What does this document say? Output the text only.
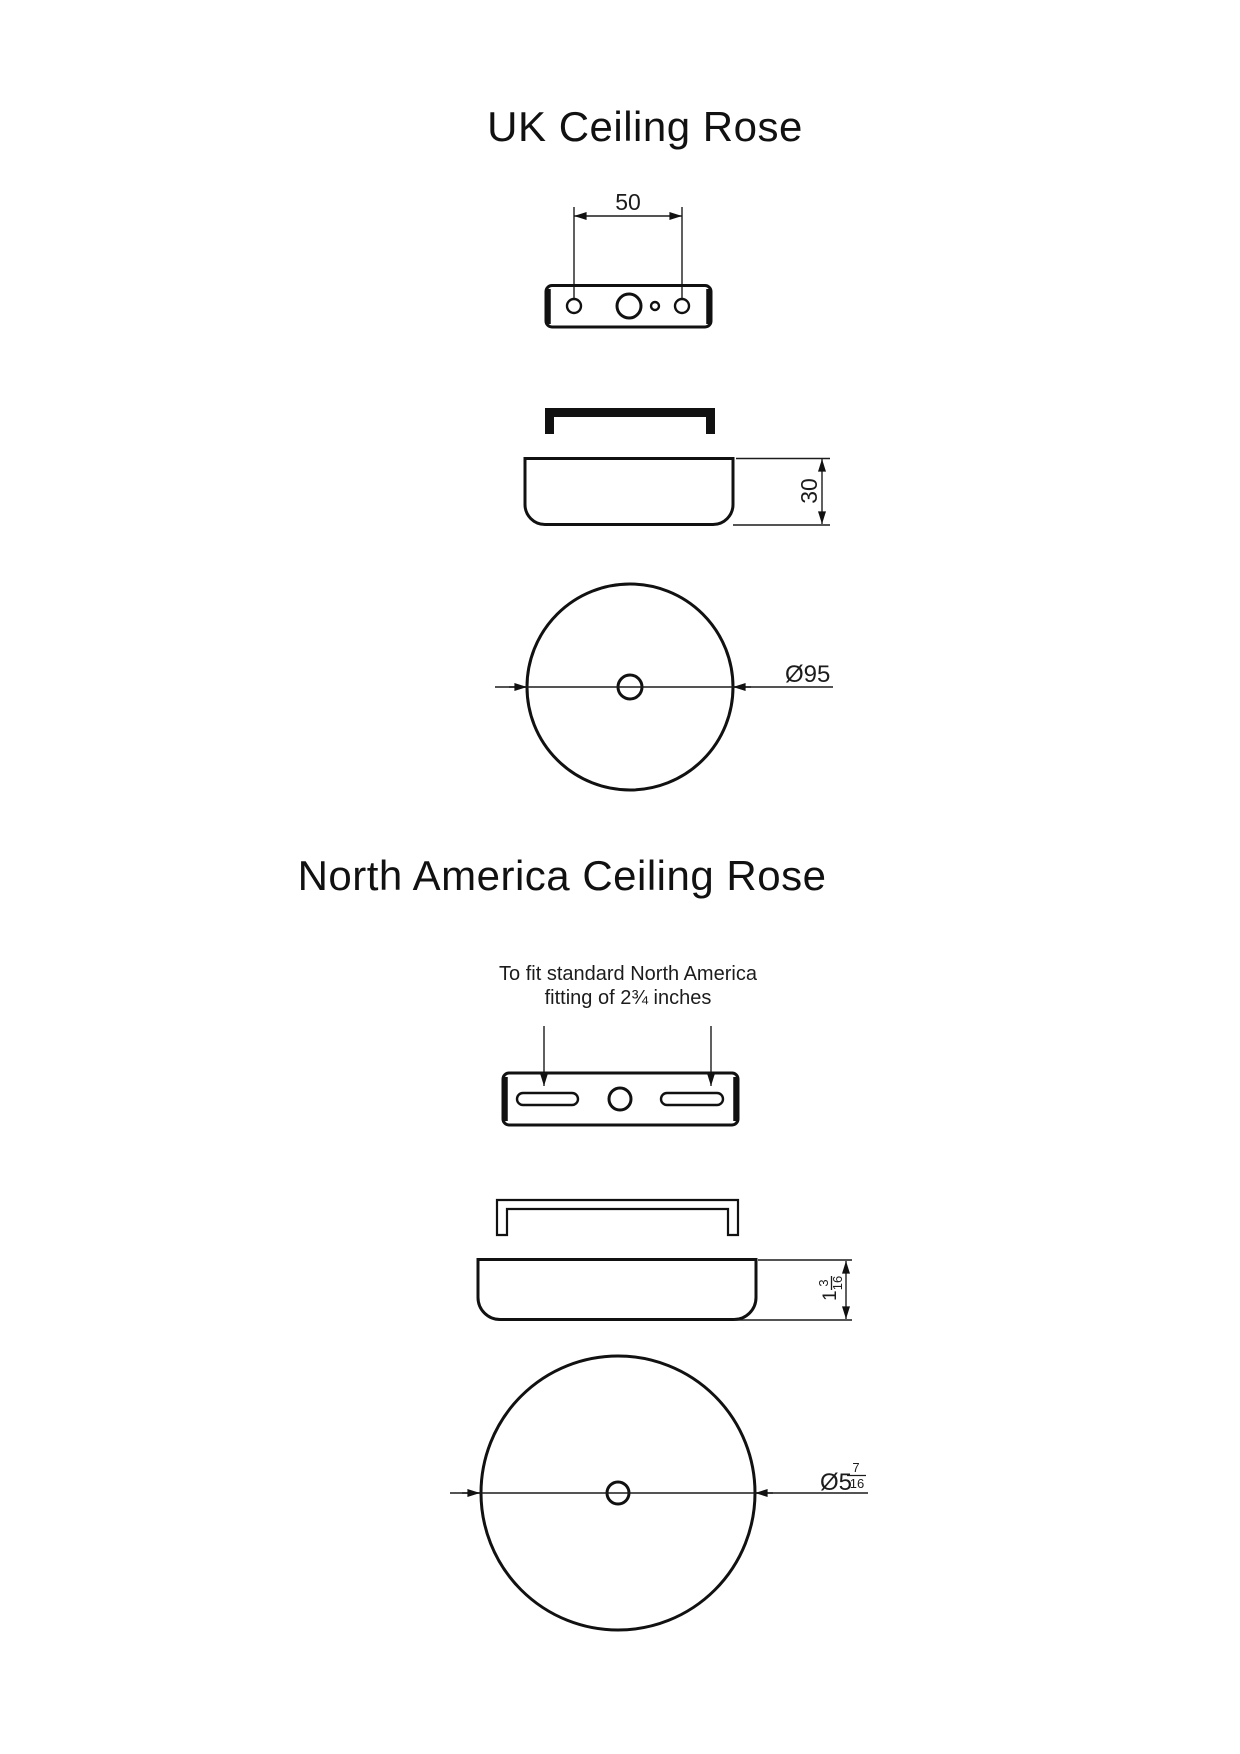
UK Ceiling Rose
North America Ceiling Rose
To fit standard North America
fitting of 2¾ inches
50
30
Ø95
1
3 16
Ø5
7
16
